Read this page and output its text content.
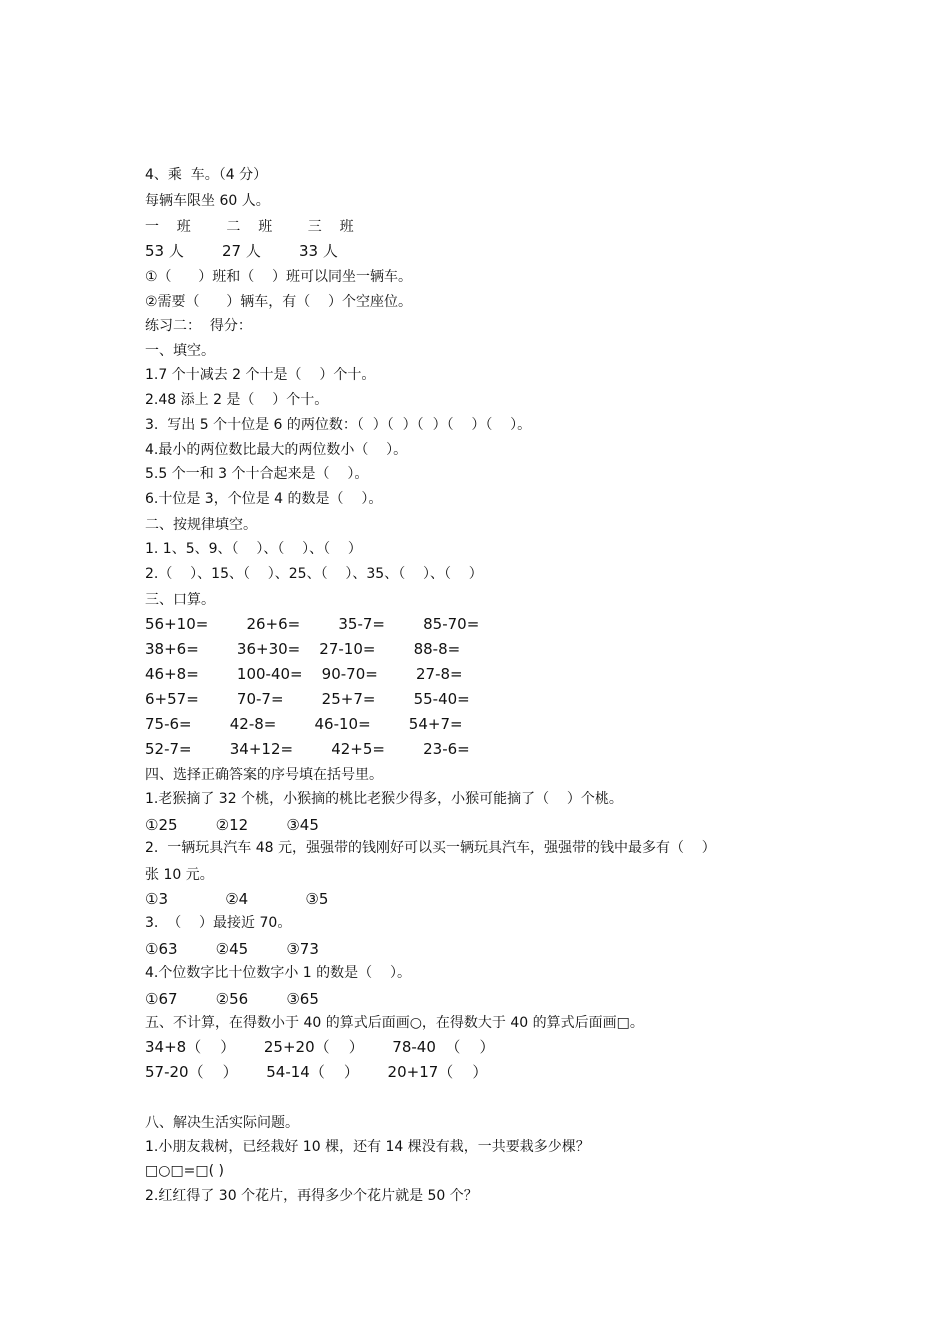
4、乘  车。（4 分）
每辆车限坐 60 人。
一    班        二    班        三    班
53 人        27 人        33 人
①（      ）班和（    ）班可以同坐一辆车。
②需要（      ）辆车，有（    ）个空座位。
练习二：  得分：
一、填空。
1.7 个十减去 2 个十是（    ）个十。
2.48 添上 2 是（    ）个十。
3.  写出 5 个十位是 6 的两位数：（  ）（  ）（  ）（    ）（    ）。
4.最小的两位数比最大的两位数小（    ）。
5.5 个一和 3 个十合起来是（    ）。
6.十位是 3，个位是 4 的数是（    ）。
二、按规律填空。
1. 1、5、9、（    ）、（    ）、（    ）
2.（    ）、15、（    ）、25、（    ）、35、（    ）、（    ）
三、口算。
56+10=        26+6=        35-7=        85-70=
38+6=        36+30=    27-10=        88-8=
46+8=        100-40=    90-70=        27-8=
6+57=        70-7=        25+7=        55-40=
75-6=        42-8=        46-10=        54+7=
52-7=        34+12=        42+5=        23-6=
四、选择正确答案的序号填在括号里。
1.老猴摘了 32 个桃，小猴摘的桃比老猴少得多，小猴可能摘了（    ）个桃。
①25        ②12        ③45
2.  一辆玩具汽车 48 元，强强带的钱刚好可以买一辆玩具汽车，强强带的钱中最多有（    ）
张 10 元。
①3            ②4            ③5
3.  （    ）最接近 70。
①63        ②45        ③73
4.个位数字比十位数字小 1 的数是（    ）。
①67        ②56        ③65
五、不计算，在得数小于 40 的算式后面画○，在得数大于 40 的算式后面画□。
34+8（    ）      25+20（    ）      78-40  （    ）
57-20（    ）      54-14（    ）      20+17（    ）
八、解决生活实际问题。
1.小朋友栽树，已经栽好 10 棵，还有 14 棵没有栽，一共要栽多少棵？
□○□=□( )
2.红红得了 30 个花片，再得多少个花片就是 50 个？
